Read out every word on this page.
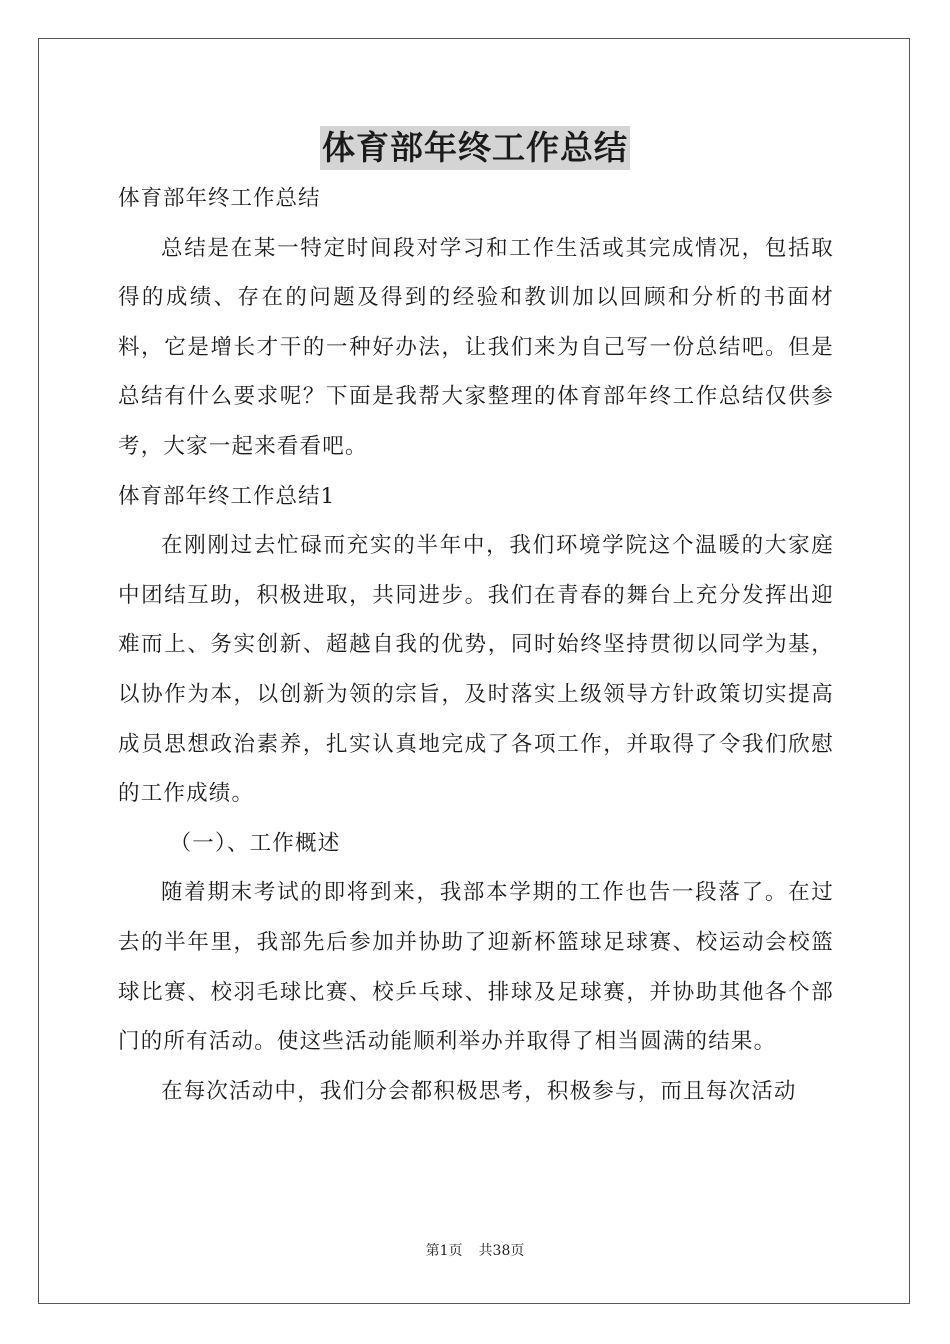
体育部年终工作总结

体育部年终工作总结

总结是在某一特定时间段对学习和工作生活或其完成情况，包括取得的成绩、存在的问题及得到的经验和教训加以回顾和分析的书面材料，它是增长才干的一种好办法，让我们来为自己写一份总结吧。但是总结有什么要求呢？下面是我帮大家整理的体育部年终工作总结仅供参考，大家一起来看看吧。

体育部年终工作总结1

在刚刚过去忙碌而充实的半年中，我们环境学院这个温暖的大家庭中团结互助，积极进取，共同进步。我们在青春的舞台上充分发挥出迎难而上、务实创新、超越自我的优势，同时始终坚持贯彻以同学为基，以协作为本，以创新为领的宗旨，及时落实上级领导方针政策切实提高成员思想政治素养，扎实认真地完成了各项工作，并取得了令我们欣慰的工作成绩。

（一）、工作概述

随着期末考试的即将到来，我部本学期的工作也告一段落了。在过去的半年里，我部先后参加并协助了迎新杯篮球足球赛、校运动会校篮球比赛、校羽毛球比赛、校乒乓球、排球及足球赛，并协助其他各个部门的所有活动。使这些活动能顺利举办并取得了相当圆满的结果。

在每次活动中，我们分会都积极思考，积极参与，而且每次活动

第1页 共38页
